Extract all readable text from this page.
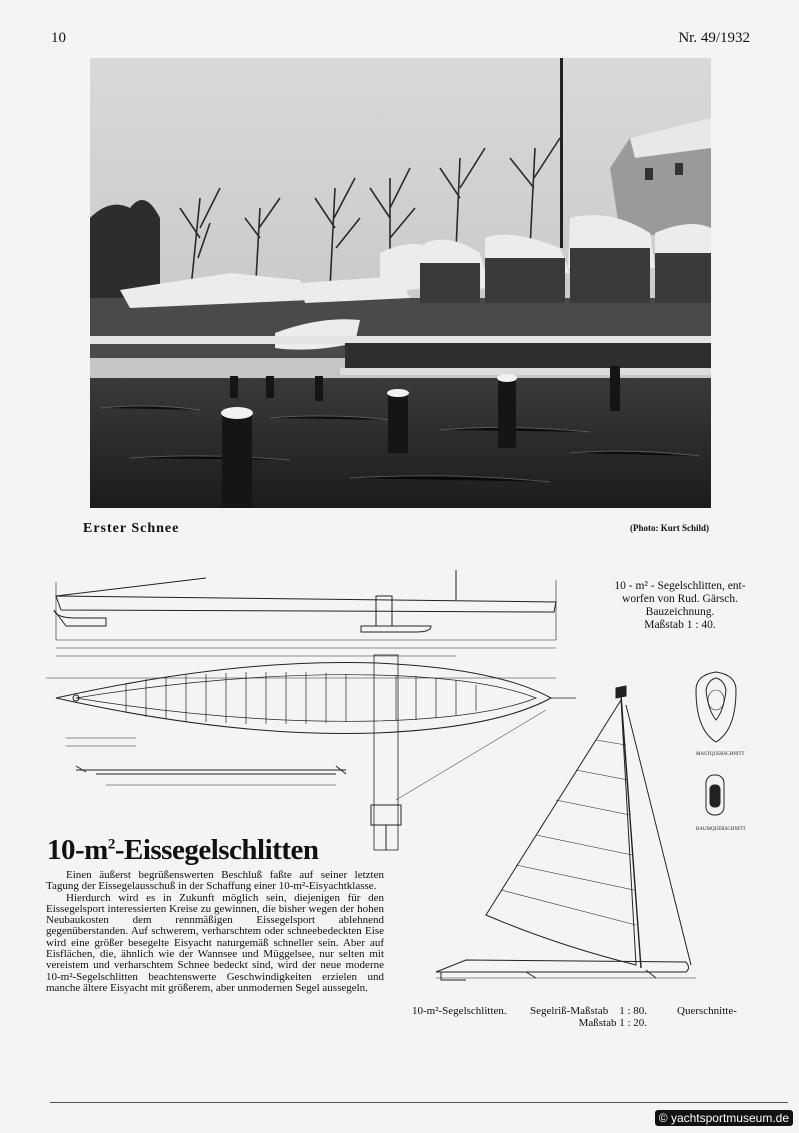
10	Nr. 49/1932
Erster Schnee	(Photo: Kurt Schild)
MASTQUERSCHNITT
BAUMQUERSCHNITT
10 - m² - Segelschlitten, ent-
worfen von Rud. Gärsch.
Bauzeichnung.
Maßstab 1 : 40.
$10-m^2$-Eissegelschlitten

Einen äußerst begrüßenswerten Beschluß faßte auf seiner letzten Tagung der Eissegelausschuß in der Schaffung einer 10-m²-Eisyachtklasse.

Hierdurch wird es in Zukunft möglich sein, diejenigen für den Eissegelsport interessierten Kreise zu gewinnen, die bisher wegen der hohen Neubaukosten dem rennmäßigen Eissegelsport ablehnend gegenüberstanden. Auf schwerem, verharschtem oder schneebedeckten Eise wird eine größer besegelte Eisyacht naturgemäß schneller sein. Aber auf Eisflächen, die, ähnlich wie der Wannsee und Müggelsee, nur selten mit vereistem und verharschtem Schnee bedeckt sind, wird der neue moderne 10-m²-Segelschlitten beachtenswerte Geschwindigkeiten erzielen und manche ältere Eisyacht mit größerem, aber unmodernen Segel aussegeln.

10-m²-Segelschlitten. Segelriß-Maßstab    1 : 80.
Maßstab 1 : 20.
Querschnitte-
© yachtsportmuseum.de
